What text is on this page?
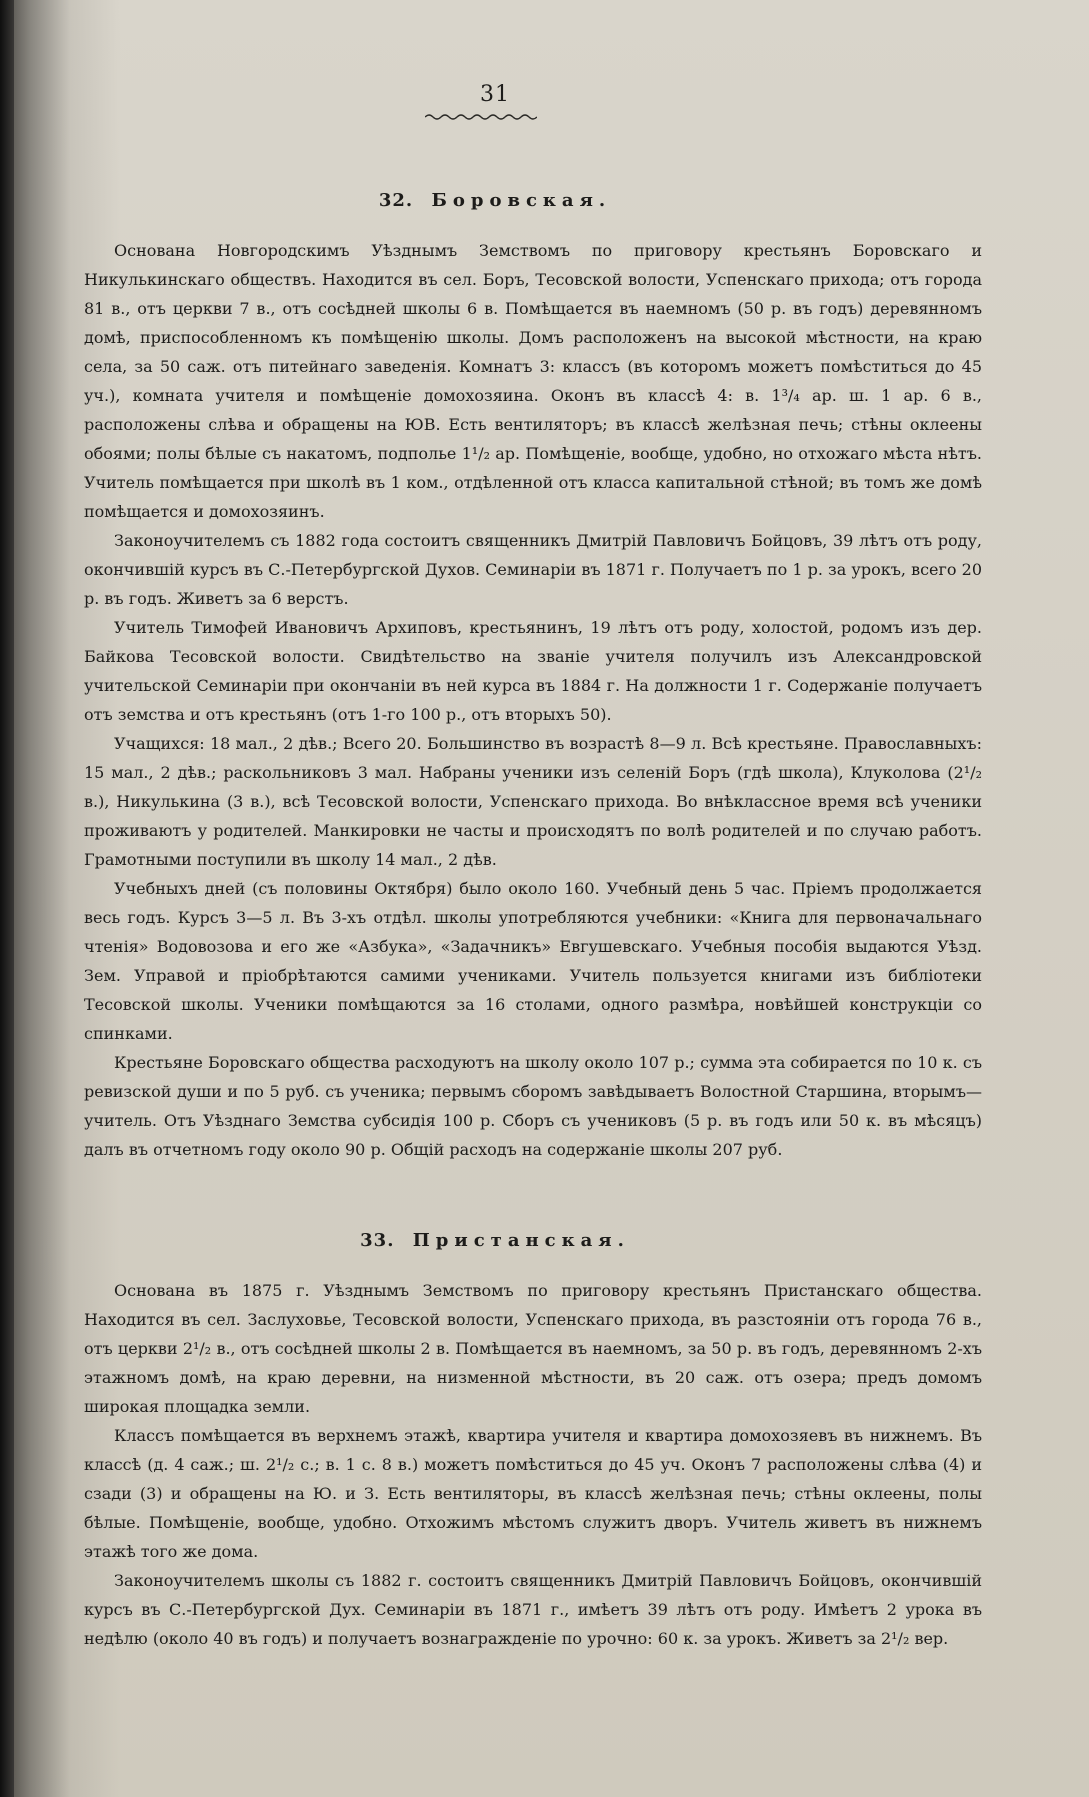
31
32. Боровская.

Основана Новгородскимъ Уѣзднымъ Земствомъ по приговору крестьянъ Боровскаго и Никулькинскаго обществъ. Находится въ сел. Боръ, Тесовской волости, Успенскаго прихода; отъ города 81 в., отъ церкви 7 в., отъ сосѣдней школы 6 в. Помѣщается въ наемномъ (50 р. въ годъ) деревянномъ домѣ, приспособленномъ къ помѣщенію школы. Домъ расположенъ на высокой мѣстности, на краю села, за 50 саж. отъ питейнаго заведенія. Комнатъ 3: классъ (въ которомъ можетъ помѣститься до 45 уч.), комната учителя и помѣщеніе домохозяина. Оконъ въ классѣ 4: в. 1³/₄ ар. ш. 1 ар. 6 в., расположены слѣва и обращены на ЮВ. Есть вентиляторъ; въ классѣ желѣзная печь; стѣны оклеены обоями; полы бѣлые съ накатомъ, подполье 1¹/₂ ар. Помѣщеніе, вообще, удобно, но отхожаго мѣста нѣтъ. Учитель помѣщается при школѣ въ 1 ком., отдѣленной отъ класса капитальной стѣной; въ томъ же домѣ помѣщается и домохозяинъ.

Законоучителемъ съ 1882 года состоитъ священникъ Дмитрій Павловичъ Бойцовъ, 39 лѣтъ отъ роду, окончившій курсъ въ С.-Петербургской Духов. Семинаріи въ 1871 г. Получаетъ по 1 р. за урокъ, всего 20 р. въ годъ. Живетъ за 6 верстъ.

Учитель Тимофей Ивановичъ Архиповъ, крестьянинъ, 19 лѣтъ отъ роду, холостой, родомъ изъ дер. Байкова Тесовской волости. Свидѣтельство на званіе учителя получилъ изъ Александровской учительской Семинаріи при окончаніи въ ней курса въ 1884 г. На должности 1 г. Содержаніе получаетъ отъ земства и отъ крестьянъ (отъ 1-го 100 р., отъ вторыхъ 50).

Учащихся: 18 мал., 2 дѣв.; Всего 20. Большинство въ возрастѣ 8—9 л. Всѣ крестьяне. Православныхъ: 15 мал., 2 дѣв.; раскольниковъ 3 мал. Набраны ученики изъ селеній Боръ (гдѣ школа), Клуколова (2¹/₂ в.), Никулькина (3 в.), всѣ Тесовской волости, Успенскаго прихода. Во внѣклассное время всѣ ученики проживаютъ у родителей. Манкировки не часты и происходятъ по волѣ родителей и по случаю работъ. Грамотными поступили въ школу 14 мал., 2 дѣв.

Учебныхъ дней (съ половины Октября) было около 160. Учебный день 5 час. Пріемъ продолжается весь годъ. Курсъ 3—5 л. Въ 3-хъ отдѣл. школы употребляются учебники: «Книга для первоначальнаго чтенія» Водовозова и его же «Азбука», «Задачникъ» Евгушевскаго. Учебныя пособія выдаются Уѣзд. Зем. Управой и пріобрѣтаются самими учениками. Учитель пользуется книгами изъ библіотеки Тесовской школы. Ученики помѣщаются за 16 столами, одного размѣра, новѣйшей конструкціи со спинками.

Крестьяне Боровскаго общества расходуютъ на школу около 107 р.; сумма эта собирается по 10 к. съ ревизской души и по 5 руб. съ ученика; первымъ сборомъ завѣдываетъ Волостной Старшина, вторымъ—учитель. Отъ Уѣзднаго Земства субсидія 100 р. Сборъ съ учениковъ (5 р. въ годъ или 50 к. въ мѣсяцъ) далъ въ отчетномъ году около 90 р. Общій расходъ на содержаніе школы 207 руб.

33. Пристанская.

Основана въ 1875 г. Уѣзднымъ Земствомъ по приговору крестьянъ Пристанскаго общества. Находится въ сел. Заслуховье, Тесовской волости, Успенскаго прихода, въ разстояніи отъ города 76 в., отъ церкви 2¹/₂ в., отъ сосѣдней школы 2 в. Помѣщается въ наемномъ, за 50 р. въ годъ, деревянномъ 2-хъ этажномъ домѣ, на краю деревни, на низменной мѣстности, въ 20 саж. отъ озера; предъ домомъ широкая площадка земли.

Классъ помѣщается въ верхнемъ этажѣ, квартира учителя и квартира домохозяевъ въ нижнемъ. Въ классѣ (д. 4 саж.; ш. 2¹/₂ с.; в. 1 с. 8 в.) можетъ помѣститься до 45 уч. Оконъ 7 расположены слѣва (4) и сзади (3) и обращены на Ю. и З. Есть вентиляторы, въ классѣ желѣзная печь; стѣны оклеены, полы бѣлые. Помѣщеніе, вообще, удобно. Отхожимъ мѣстомъ служитъ дворъ. Учитель живетъ въ нижнемъ этажѣ того же дома.

Законоучителемъ школы съ 1882 г. состоитъ священникъ Дмитрій Павловичъ Бойцовъ, окончившій курсъ въ С.-Петербургской Дух. Семинаріи въ 1871 г., имѣетъ 39 лѣтъ отъ роду. Имѣетъ 2 урока въ недѣлю (около 40 въ годъ) и получаетъ вознагражденіе по урочно: 60 к. за урокъ. Живетъ за 2¹/₂ вер.
